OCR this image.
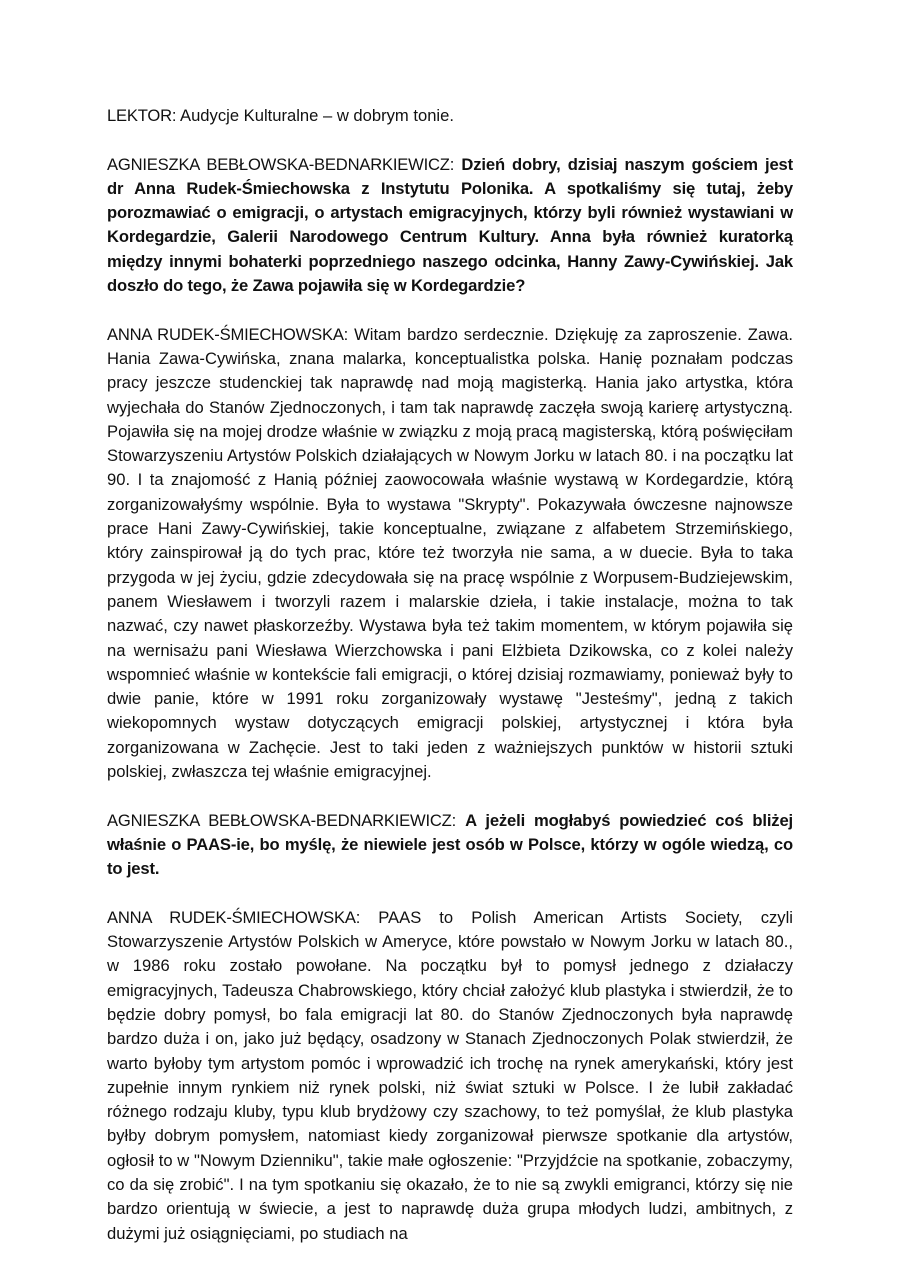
LEKTOR: Audycje Kulturalne – w dobrym tonie.

AGNIESZKA BEBŁOWSKA-BEDNARKIEWICZ: Dzień dobry, dzisiaj naszym gościem jest dr Anna Rudek-Śmiechowska z Instytutu Polonika. A spotkaliśmy się tutaj, żeby porozmawiać o emigracji, o artystach emigracyjnych, którzy byli również wystawiani w Kordegardzie, Galerii Narodowego Centrum Kultury. Anna była również kuratorką między innymi bohaterki poprzedniego naszego odcinka, Hanny Zawy-Cywińskiej. Jak doszło do tego, że Zawa pojawiła się w Kordegardzie?

ANNA RUDEK-ŚMIECHOWSKA: Witam bardzo serdecznie. Dziękuję za zaproszenie. Zawa. Hania Zawa-Cywińska, znana malarka, konceptualistka polska. Hanię poznałam podczas pracy jeszcze studenckiej tak naprawdę nad moją magisterką. Hania jako artystka, która wyjechała do Stanów Zjednoczonych, i tam tak naprawdę zaczęła swoją karierę artystyczną. Pojawiła się na mojej drodze właśnie w związku z moją pracą magisterską, którą poświęciłam Stowarzyszeniu Artystów Polskich działających w Nowym Jorku w latach 80. i na początku lat 90. I ta znajomość z Hanią później zaowocowała właśnie wystawą w Kordegardzie, którą zorganizowałyśmy wspólnie. Była to wystawa "Skrypty". Pokazywała ówczesne najnowsze prace Hani Zawy-Cywińskiej, takie konceptualne, związane z alfabetem Strzemińskiego, który zainspirował ją do tych prac, które też tworzyła nie sama, a w duecie. Była to taka przygoda w jej życiu, gdzie zdecydowała się na pracę wspólnie z Worpusem-Budziejewskim, panem Wiesławem i tworzyli razem i malarskie dzieła, i takie instalacje, można to tak nazwać, czy nawet płaskorzeźby. Wystawa była też takim momentem, w którym pojawiła się na wernisażu pani Wiesława Wierzchowska i pani Elżbieta Dzikowska, co z kolei należy wspomnieć właśnie w kontekście fali emigracji, o której dzisiaj rozmawiamy, ponieważ były to dwie panie, które w 1991 roku zorganizowały wystawę "Jesteśmy", jedną z takich wiekopomnych wystaw dotyczących emigracji polskiej, artystycznej i która była zorganizowana w Zachęcie. Jest to taki jeden z ważniejszych punktów w historii sztuki polskiej, zwłaszcza tej właśnie emigracyjnej.

AGNIESZKA BEBŁOWSKA-BEDNARKIEWICZ: A jeżeli mogłabyś powiedzieć coś bliżej właśnie o PAAS-ie, bo myślę, że niewiele jest osób w Polsce, którzy w ogóle wiedzą, co to jest.

ANNA RUDEK-ŚMIECHOWSKA: PAAS to Polish American Artists Society, czyli Stowarzyszenie Artystów Polskich w Ameryce, które powstało w Nowym Jorku w latach 80., w 1986 roku zostało powołane. Na początku był to pomysł jednego z działaczy emigracyjnych, Tadeusza Chabrowskiego, który chciał założyć klub plastyka i stwierdził, że to będzie dobry pomysł, bo fala emigracji lat 80. do Stanów Zjednoczonych była naprawdę bardzo duża i on, jako już będący, osadzony w Stanach Zjednoczonych Polak stwierdził, że warto byłoby tym artystom pomóc i wprowadzić ich trochę na rynek amerykański, który jest zupełnie innym rynkiem niż rynek polski, niż świat sztuki w Polsce. I że lubił zakładać różnego rodzaju kluby, typu klub brydżowy czy szachowy, to też pomyślał, że klub plastyka byłby dobrym pomysłem, natomiast kiedy zorganizował pierwsze spotkanie dla artystów, ogłosił to w "Nowym Dzienniku", takie małe ogłoszenie: "Przyjdźcie na spotkanie, zobaczymy, co da się zrobić". I na tym spotkaniu się okazało, że to nie są zwykli emigranci, którzy się nie bardzo orientują w świecie, a jest to naprawdę duża grupa młodych ludzi, ambitnych, z dużymi już osiągnięciami, po studiach na
